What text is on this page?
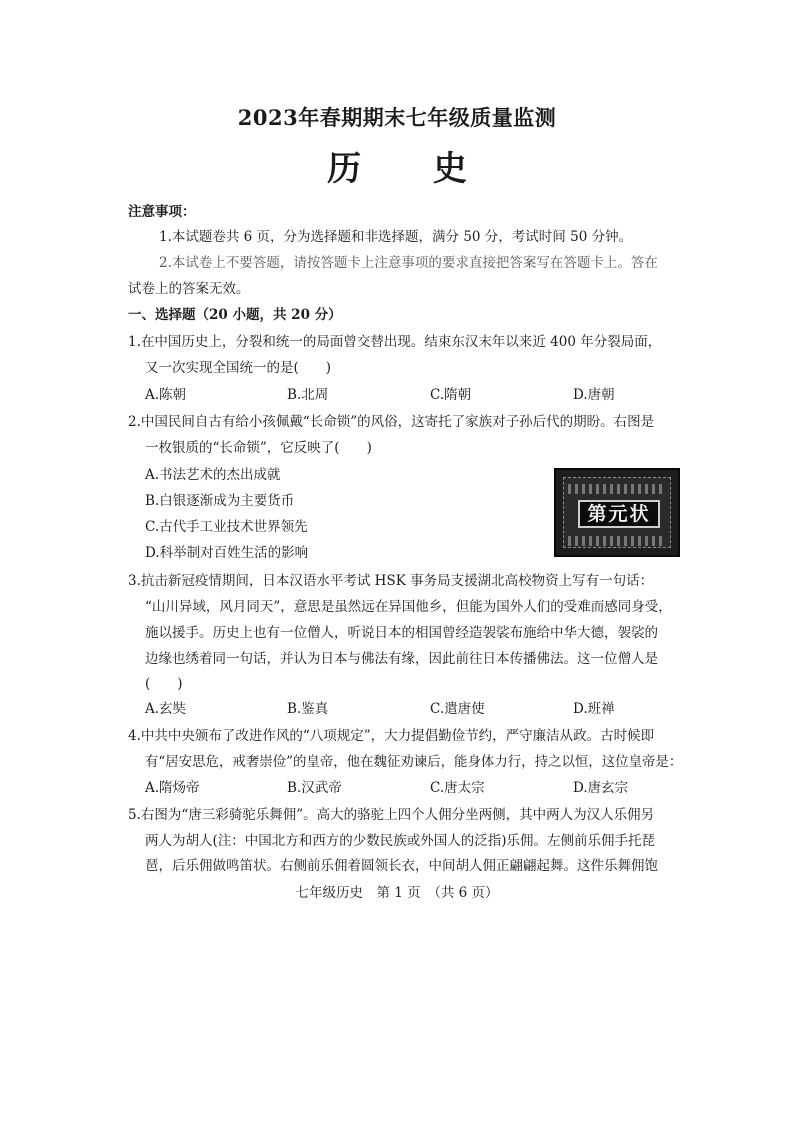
2023年春期期末七年级质量监测
历 史
注意事项：
1.本试题卷共 6 页，分为选择题和非选择题，满分 50 分，考试时间 50 分钟。
2.本试卷上不要答题，请按答题卡上注意事项的要求直接把答案写在答题卡上。答在
试卷上的答案无效。
一、选择题（20 小题，共 20 分）
1.在中国历史上，分裂和统一的局面曾交替出现。结束东汉末年以来近 400 年分裂局面，
又一次实现全国统一的是(　　)
A.陈朝	B.北周	C.隋朝	D.唐朝
2.中国民间自古有给小孩佩戴“长命锁”的风俗，这寄托了家族对子孙后代的期盼。右图是
一枚银质的“长命锁”，它反映了(　　)
A.书法艺术的杰出成就
B.白银逐渐成为主要货币
C.古代手工业技术世界领先
D.科举制对百姓生活的影响
第元状
3.抗击新冠疫情期间，日本汉语水平考试 HSK 事务局支援湖北高校物资上写有一句话：
“山川异域，风月同天”，意思是虽然远在异国他乡，但能为国外人们的受难而感同身受，
施以援手。历史上也有一位僧人，听说日本的相国曾经造袈裟布施给中华大德，袈裟的
边缘也绣着同一句话，并认为日本与佛法有缘，因此前往日本传播佛法。这一位僧人是
(　　)
A.玄奘	B.鉴真	C.遣唐使	D.班禅
4.中共中央颁布了改进作风的“八项规定”，大力提倡勤俭节约，严守廉洁从政。古时候即
有“居安思危，戒奢崇俭”的皇帝，他在魏征劝谏后，能身体力行，持之以恒，这位皇帝是：
A.隋炀帝	B.汉武帝	C.唐太宗	D.唐玄宗
5.右图为“唐三彩骑驼乐舞佣”。高大的骆驼上四个人佣分坐两侧，其中两人为汉人乐佣另
两人为胡人(注：中国北方和西方的少数民族或外国人的泛指)乐佣。左侧前乐佣手托琵
琶，后乐佣做鸣笛状。右侧前乐佣着圆领长衣，中间胡人佣正翩翩起舞。这件乐舞佣饱
七年级历史　第 1 页　（共 6 页）
